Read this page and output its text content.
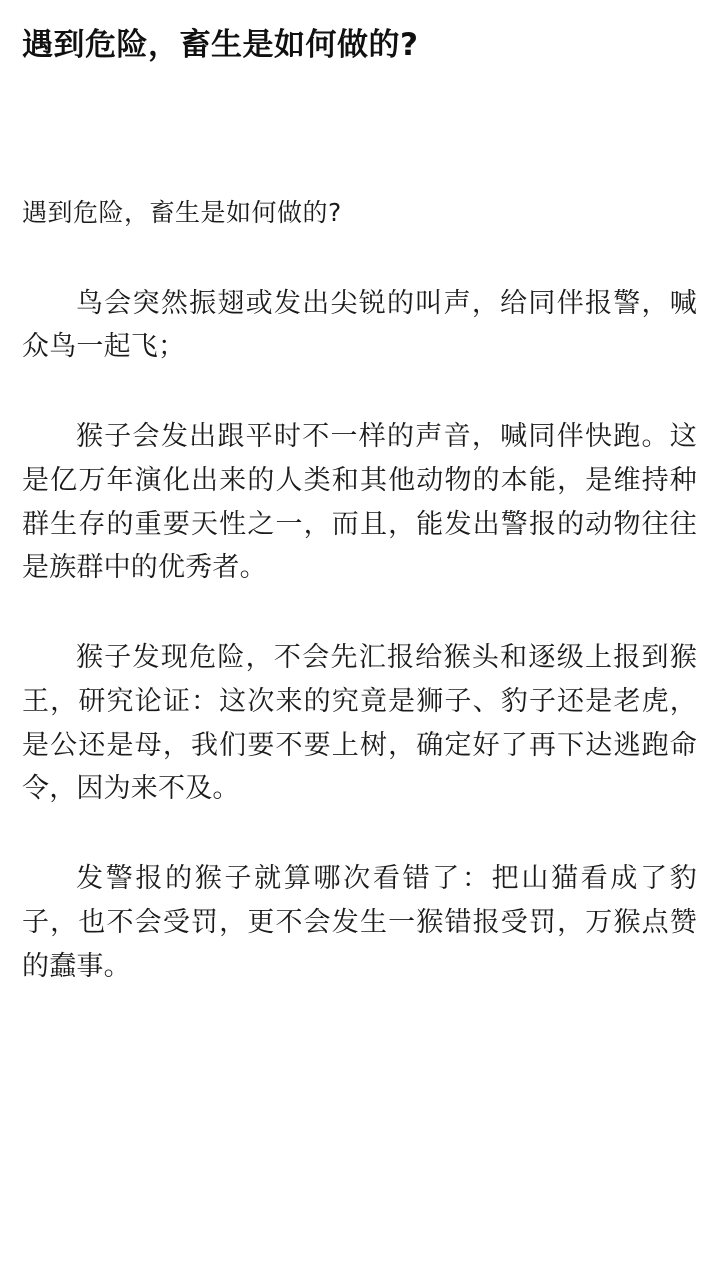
遇到危险，畜生是如何做的?

遇到危险，畜生是如何做的?

鸟会突然振翅或发出尖锐的叫声，给同伴报警，喊众鸟一起飞；

猴子会发出跟平时不一样的声音，喊同伴快跑。这是亿万年演化出来的人类和其他动物的本能，是维持种群生存的重要天性之一，而且，能发出警报的动物往往是族群中的优秀者。

猴子发现危险，不会先汇报给猴头和逐级上报到猴王，研究论证：这次来的究竟是狮子、豹子还是老虎，是公还是母，我们要不要上树，确定好了再下达逃跑命令，因为来不及。

发警报的猴子就算哪次看错了：把山猫看成了豹子，也不会受罚，更不会发生一猴错报受罚，万猴点赞的蠢事。
